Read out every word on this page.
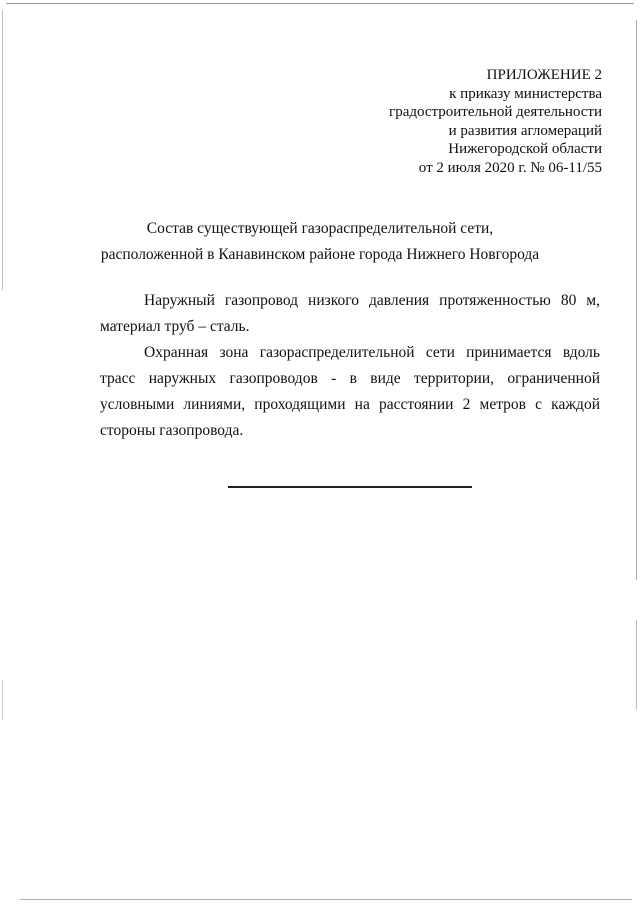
ПРИЛОЖЕНИЕ 2
к приказу министерства
градостроительной деятельности
и развития агломераций
Нижегородской области
от 2 июля 2020 г. № 06-11/55
Состав существующей газораспределительной сети,
расположенной в Канавинском районе города Нижнего Новгорода

Наружный газопровод низкого давления протяженностью 80 м, материал труб – сталь.

Охранная зона газораспределительной сети принимается вдоль трасс наружных газопроводов - в виде территории, ограниченной условными линиями, проходящими на расстоянии 2 метров с каждой стороны газопровода.
